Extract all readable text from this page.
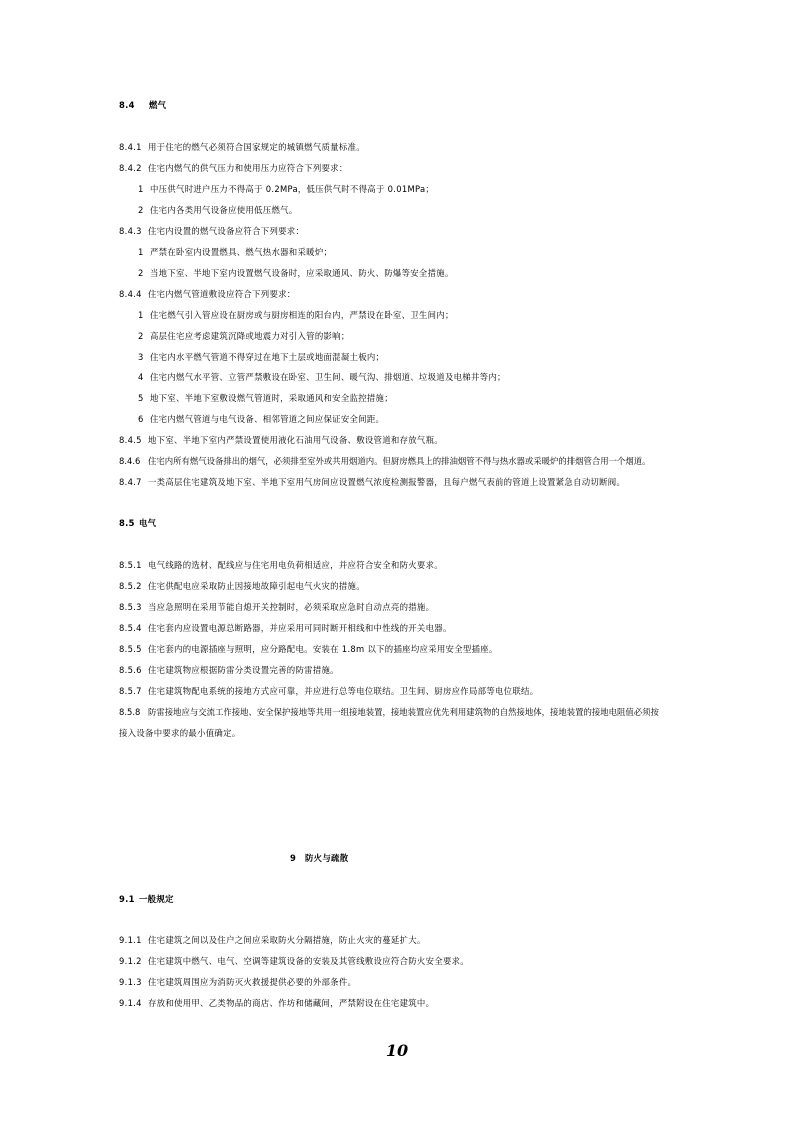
8.4 燃气
8.4.1 用于住宅的燃气必须符合国家规定的城镇燃气质量标准。
8.4.2 住宅内燃气的供气压力和使用压力应符合下列要求：
1 中压供气时进户压力不得高于 0.2MPa，低压供气时不得高于 0.01MPa；
2 住宅内各类用气设备应使用低压燃气。
8.4.3 住宅内设置的燃气设备应符合下列要求：
1 严禁在卧室内设置燃具、燃气热水器和采暖炉；
2 当地下室、半地下室内设置燃气设备时，应采取通风、防火、防爆等安全措施。
8.4.4 住宅内燃气管道敷设应符合下列要求：
1 住宅燃气引入管应设在厨房或与厨房相连的阳台内，严禁设在卧室、卫生间内；
2 高层住宅应考虑建筑沉降或地震力对引入管的影响；
3 住宅内水平燃气管道不得穿过在地下土层或地面混凝土板内；
4 住宅内燃气水平管、立管严禁敷设在卧室、卫生间、暖气沟、排烟道、垃圾道及电梯井等内；
5 地下室、半地下室敷设燃气管道时，采取通风和安全监控措施；
6 住宅内燃气管道与电气设备、相邻管道之间应保证安全间距。
8.4.5 地下室、半地下室内严禁设置使用液化石油用气设备、敷设管道和存放气瓶。
8.4.6 住宅内所有燃气设备排出的烟气，必须排至室外或共用烟道内。但厨房燃具上的排油烟管不得与热水器或采暖炉的排烟管合用一个烟道。
8.4.7 一类高层住宅建筑及地下室、半地下室用气房间应设置燃气浓度检测报警器，且每户燃气表前的管道上设置紧急自动切断阀。
8.5 电气
8.5.1 电气线路的选材、配线应与住宅用电负荷相适应，并应符合安全和防火要求。
8.5.2 住宅供配电应采取防止因接地故障引起电气火灾的措施。
8.5.3 当应急照明在采用节能自熄开关控制时，必须采取应急时自动点亮的措施。
8.5.4 住宅套内应设置电源总断路器，并应采用可同时断开相线和中性线的开关电器。
8.5.5 住宅套内的电源插座与照明，应分路配电。安装在 1.8m 以下的插座均应采用安全型插座。
8.5.6 住宅建筑物应根据防雷分类设置完善的防雷措施。
8.5.7 住宅建筑物配电系统的接地方式应可靠，并应进行总等电位联结。卫生间、厨房应作局部等电位联结。
8.5.8 防雷接地应与交流工作接地、安全保护接地等共用一组接地装置，接地装置应优先利用建筑物的自然接地体，接地装置的接地电阻值必须按
接入设备中要求的最小值确定。
9 防火与疏散
9.1 一般规定
9.1.1 住宅建筑之间以及住户之间应采取防火分隔措施，防止火灾的蔓延扩大。
9.1.2 住宅建筑中燃气、电气、空调等建筑设备的安装及其管线敷设应符合防火安全要求。
9.1.3 住宅建筑周围应为消防灭火救援提供必要的外部条件。
9.1.4 存放和使用甲、乙类物品的商店、作坊和储藏间，严禁附设在住宅建筑中。
10
